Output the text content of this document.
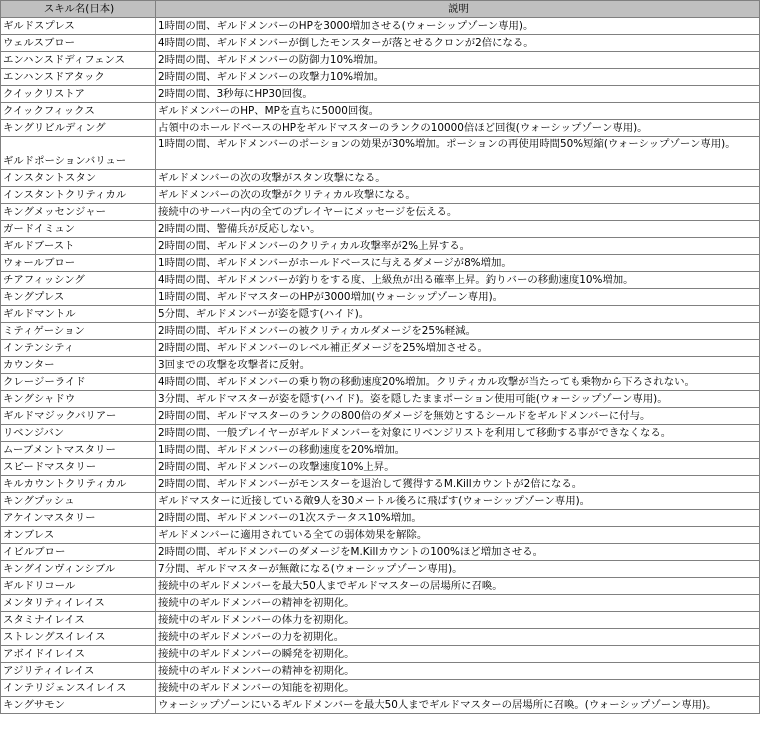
スキル名(日本)	説明
ギルドスプレス	1時間の間、ギルドメンバーのHPを3000増加させる(ウォーシップゾーン専用)。
ウェルスブロー	4時間の間、ギルドメンバーが倒したモンスターが落とせるクロンが2倍になる。
エンハンスドディフェンス	2時間の間、ギルドメンバーの防御力10%増加。
エンハンスドアタック	2時間の間、ギルドメンバーの攻撃力10%増加。
クイックリストア	2時間の間、3秒毎にHP30回復。
クイックフィックス	ギルドメンバーのHP、MPを直ちに5000回復。
キングリビルディング	占領中のホールドベースのHPをギルドマスターのランクの10000倍ほど回復(ウォーシップゾーン専用)。
ギルドポーションバリュー	1時間の間、ギルドメンバーのポーションの効果が30%増加。ポーションの再使用時間50%短縮(ウォーシップゾーン専用)。
インスタントスタン	ギルドメンバーの次の攻撃がスタン攻撃になる。
インスタントクリティカル	ギルドメンバーの次の攻撃がクリティカル攻撃になる。
キングメッセンジャー	接続中のサーバー内の全てのプレイヤーにメッセージを伝える。
ガードイミュン	2時間の間、警備兵が反応しない。
ギルドブースト	2時間の間、ギルドメンバーのクリティカル攻撃率が2%上昇する。
ウォールブロー	1時間の間、ギルドメンバーがホールドベースに与えるダメージが8%増加。
チアフィッシング	4時間の間、ギルドメンバーが釣りをする度、上級魚が出る確率上昇。釣りバーの移動速度10%増加。
キングプレス	1時間の間、ギルドマスターのHPが3000増加(ウォーシップゾーン専用)。
ギルドマントル	5分間、ギルドメンバーが姿を隠す(ハイド)。
ミティゲーション	2時間の間、ギルドメンバーの被クリティカルダメージを25%軽減。
インテンシティ	2時間の間、ギルドメンバーのレベル補正ダメージを25%増加させる。
カウンター	3回までの攻撃を攻撃者に反射。
クレージーライド	4時間の間、ギルドメンバーの乗り物の移動速度20%増加。クリティカル攻撃が当たっても乗物から下ろされない。
キングシャドウ	3分間、ギルドマスターが姿を隠す(ハイド)。姿を隠したままポーション使用可能(ウォーシップゾーン専用)。
ギルドマジックバリアー	2時間の間、ギルドマスターのランクの800倍のダメージを無効とするシールドをギルドメンバーに付与。
リベンジバン	2時間の間、一般プレイヤーがギルドメンバーを対象にリベンジリストを利用して移動する事ができなくなる。
ムーブメントマスタリー	1時間の間、ギルドメンバーの移動速度を20%増加。
スピードマスタリー	2時間の間、ギルドメンバーの攻撃速度10%上昇。
キルカウントクリティカル	2時間の間、ギルドメンバーがモンスターを退治して獲得するM.Killカウントが2倍になる。
キングプッシュ	ギルドマスターに近接している敵9人を30メートル後ろに飛ばす(ウォーシップゾーン専用)。
アケインマスタリー	2時間の間、ギルドメンバーの1次ステータス10%増加。
オンブレス	ギルドメンバーに適用されている全ての弱体効果を解除。
イビルブロー	2時間の間、ギルドメンバーのダメージをM.Killカウントの100%ほど増加させる。
キングインヴィンシブル	7分間、ギルドマスターが無敵になる(ウォーシップゾーン専用)。
ギルドリコール	接続中のギルドメンバーを最大50人までギルドマスターの居場所に召喚。
メンタリティイレイス	接続中のギルドメンバーの精神を初期化。
スタミナイレイス	接続中のギルドメンバーの体力を初期化。
ストレングスイレイス	接続中のギルドメンバーの力を初期化。
アボイドイレイス	接続中のギルドメンバーの瞬発を初期化。
アジリティイレイス	接続中のギルドメンバーの精神を初期化。
インテリジェンスイレイス	接続中のギルドメンバーの知能を初期化。
キングサモン	ウォーシップゾーンにいるギルドメンバーを最大50人までギルドマスターの居場所に召喚。(ウォーシップゾーン専用)。
